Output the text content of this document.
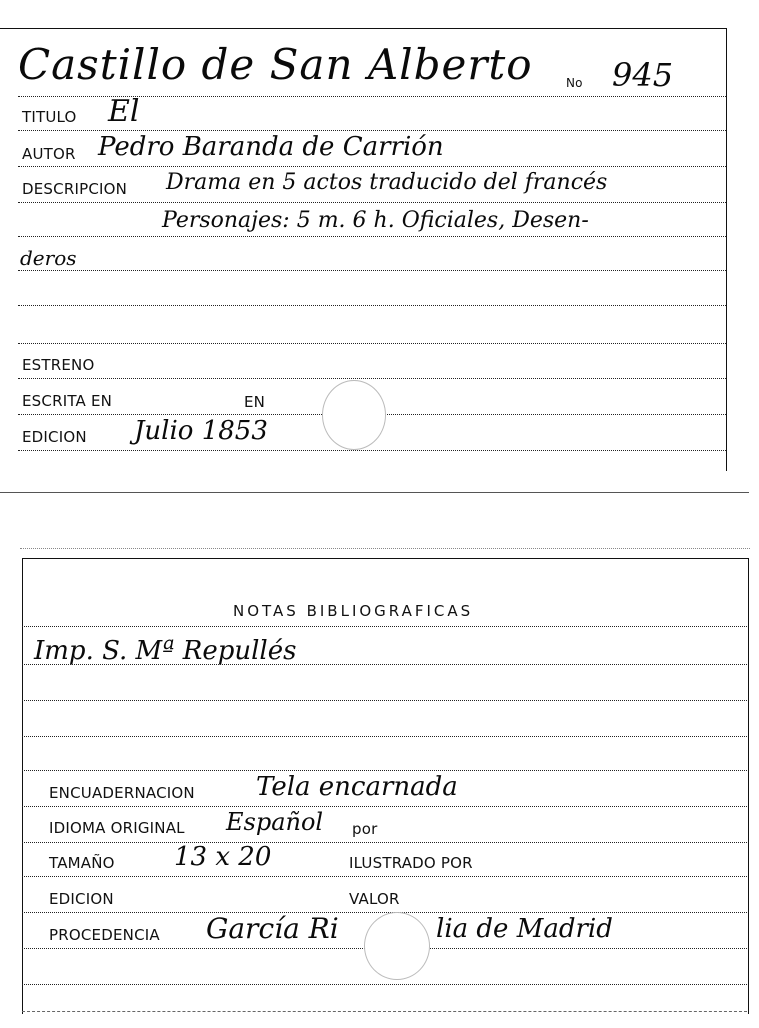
Castillo de San Alberto	No 945
TITULO El
AUTOR Pedro Baranda de Carrión
DESCRIPCION Drama en 5 actos traducido del francés
Personajes: 5 m. 6 h. Oficiales, Desen-
deros
ESTRENO
ESCRITA EN	EN
EDICION Julio 1853
NOTAS BIBLIOGRAFICAS
Imp. S. Mª Repullés
ENCUADERNACION Tela encarnada
IDIOMA ORIGINAL Español por
TAMAÑO 13 x 20	ILUSTRADO POR
EDICION	VALOR
PROCEDENCIA García Ri	lia de Madrid
